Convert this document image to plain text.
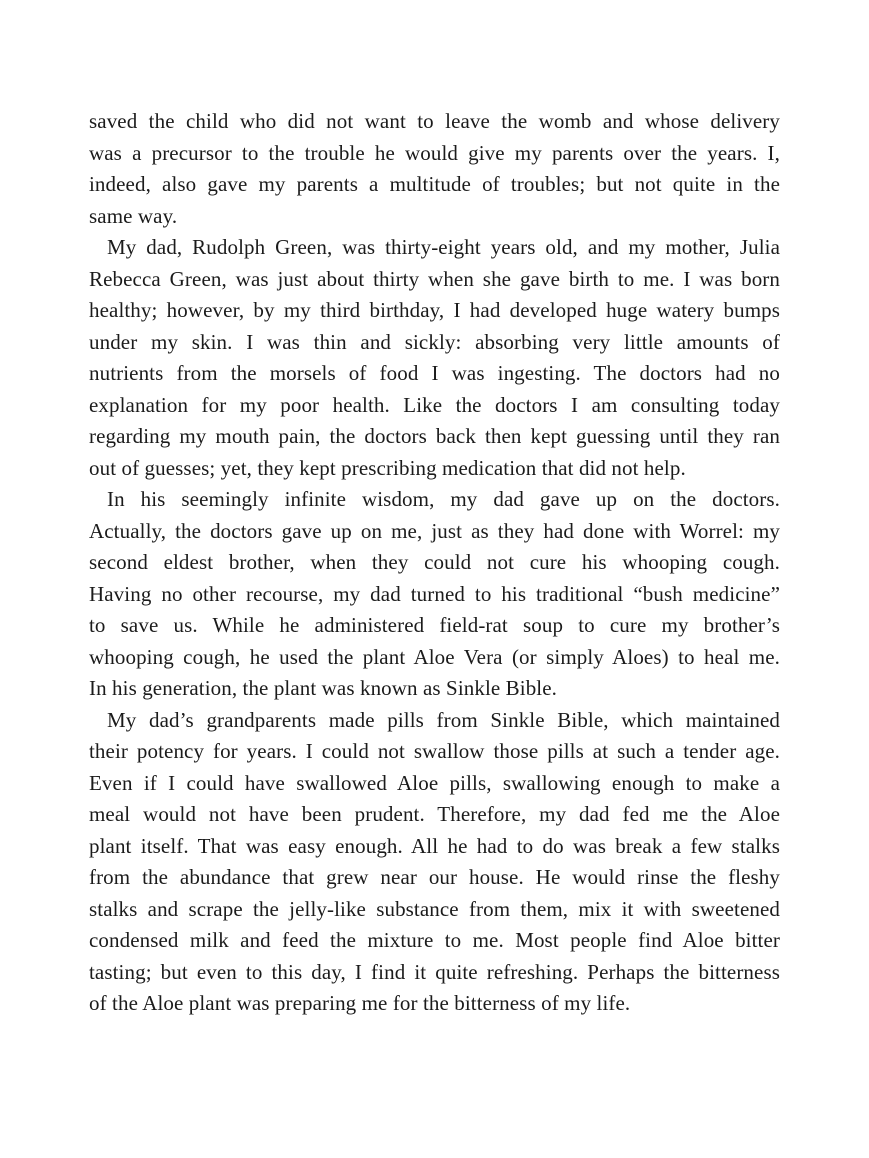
saved the child who did not want to leave the womb and whose delivery
was a precursor to the trouble he would give my parents over the years. I,
indeed, also gave my parents a multitude of troubles; but not quite in the
same way.
My dad, Rudolph Green, was thirty-eight years old, and my mother, Julia
Rebecca Green, was just about thirty when she gave birth to me. I was born
healthy; however, by my third birthday, I had developed huge watery bumps
under my skin. I was thin and sickly: absorbing very little amounts of
nutrients from the morsels of food I was ingesting. The doctors had no
explanation for my poor health. Like the doctors I am consulting today
regarding my mouth pain, the doctors back then kept guessing until they ran
out of guesses; yet, they kept prescribing medication that did not help.
In his seemingly infinite wisdom, my dad gave up on the doctors.
Actually, the doctors gave up on me, just as they had done with Worrel: my
second eldest brother, when they could not cure his whooping cough.
Having no other recourse, my dad turned to his traditional “bush medicine”
to save us. While he administered field-rat soup to cure my brother’s
whooping cough, he used the plant Aloe Vera (or simply Aloes) to heal me.
In his generation, the plant was known as Sinkle Bible.
My dad’s grandparents made pills from Sinkle Bible, which maintained
their potency for years. I could not swallow those pills at such a tender age.
Even if I could have swallowed Aloe pills, swallowing enough to make a
meal would not have been prudent. Therefore, my dad fed me the Aloe
plant itself. That was easy enough. All he had to do was break a few stalks
from the abundance that grew near our house. He would rinse the fleshy
stalks and scrape the jelly-like substance from them, mix it with sweetened
condensed milk and feed the mixture to me. Most people find Aloe bitter
tasting; but even to this day, I find it quite refreshing. Perhaps the bitterness
of the Aloe plant was preparing me for the bitterness of my life.
